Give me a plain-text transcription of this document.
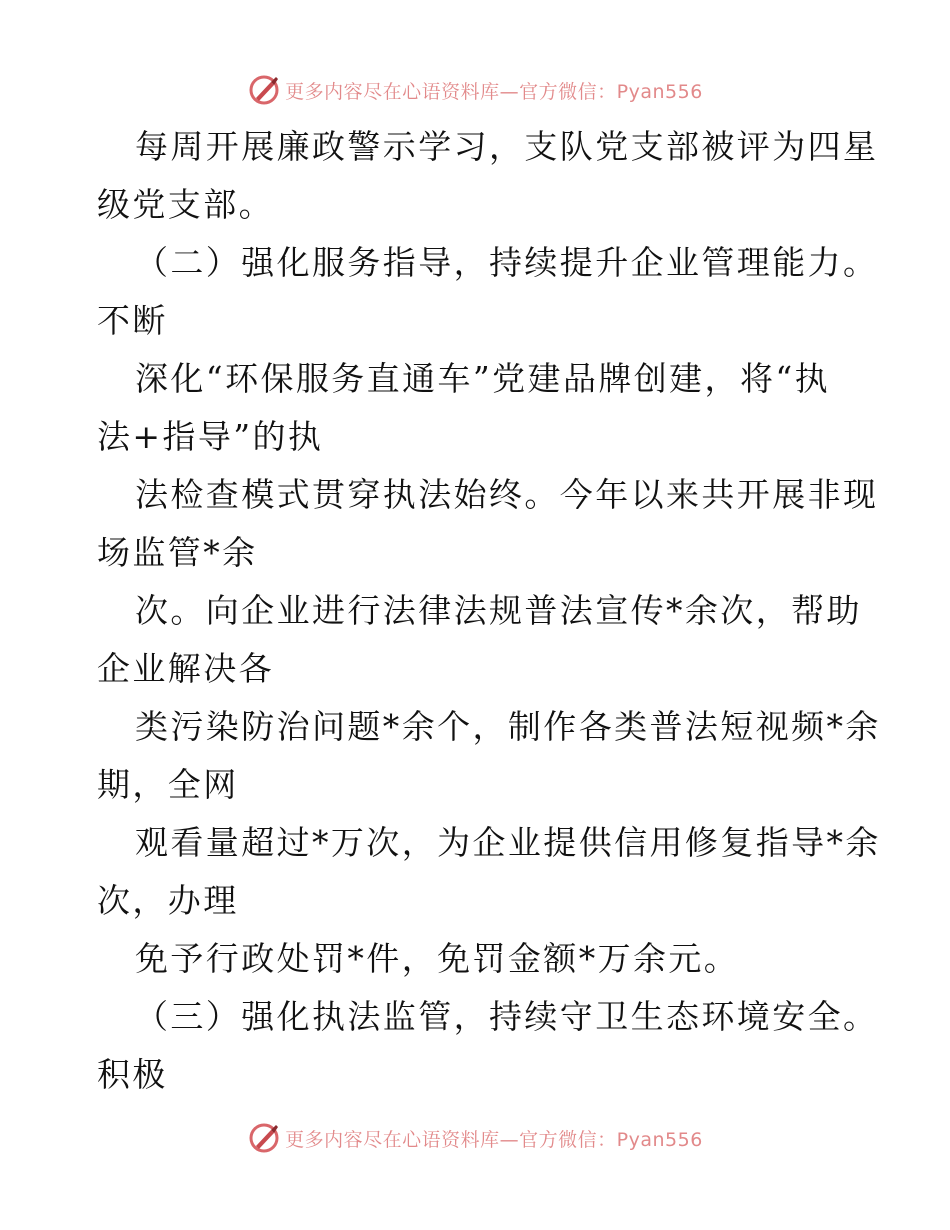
更多内容尽在心语资料库—官方微信：Pyan556

每周开展廉政警示学习，支队党支部被评为四星
级党支部。

（二）强化服务指导，持续提升企业管理能力。
不断

深化“环保服务直通车”党建品牌创建，将“执
法+指导”的执

法检查模式贯穿执法始终。今年以来共开展非现
场监管*余

次。向企业进行法律法规普法宣传*余次，帮助
企业解决各

类污染防治问题*余个，制作各类普法短视频*余
期，全网

观看量超过*万次，为企业提供信用修复指导*余
次，办理

免予行政处罚*件，免罚金额*万余元。

（三）强化执法监管，持续守卫生态环境安全。
积极

更多内容尽在心语资料库—官方微信：Pyan556
